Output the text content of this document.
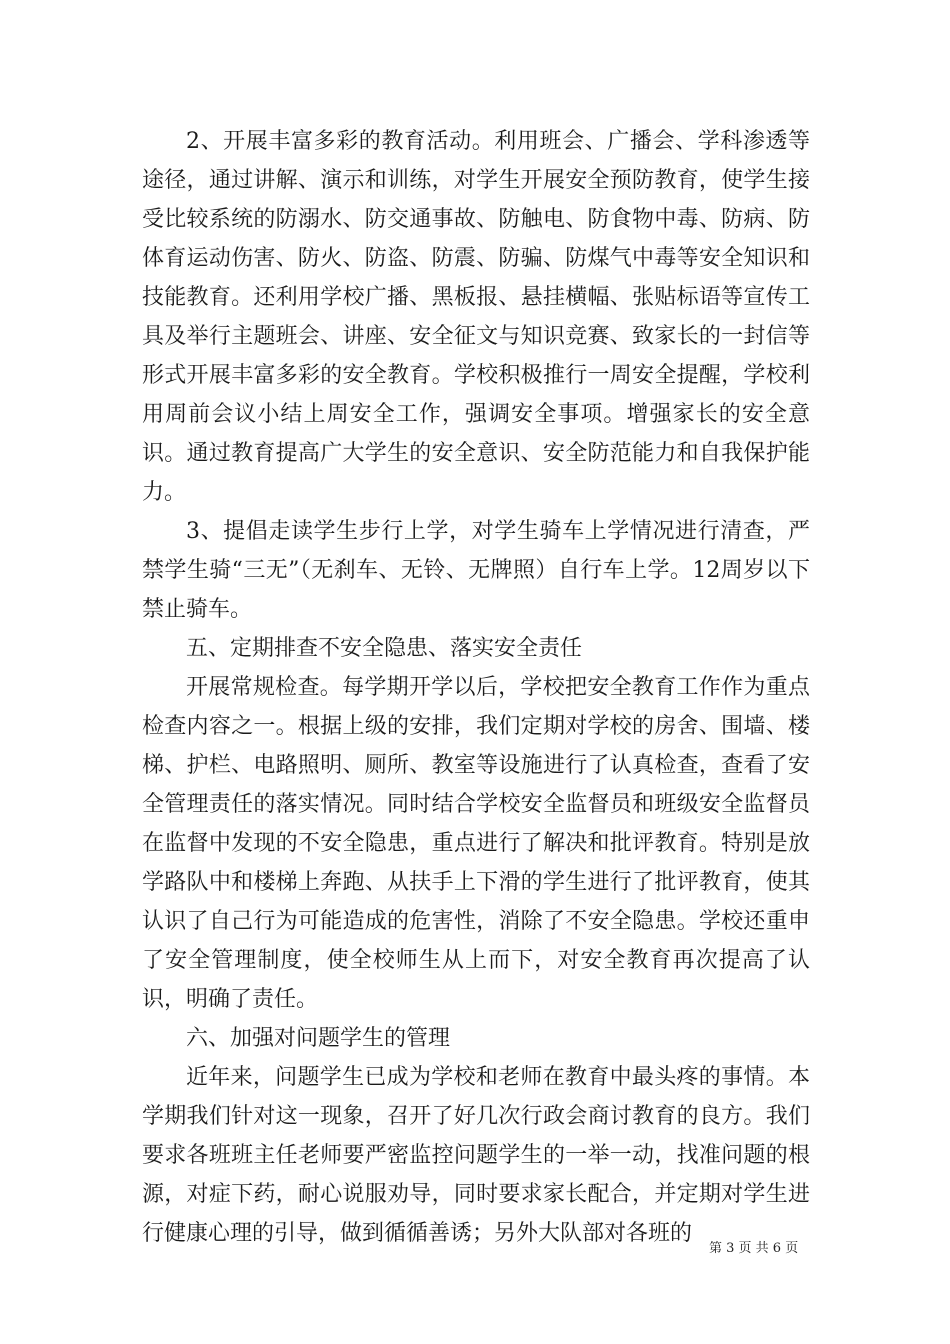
2、开展丰富多彩的教育活动。利用班会、广播会、学科渗透等途径，通过讲解、演示和训练，对学生开展安全预防教育，使学生接受比较系统的防溺水、防交通事故、防触电、防食物中毒、防病、防体育运动伤害、防火、防盗、防震、防骗、防煤气中毒等安全知识和技能教育。还利用学校广播、黑板报、悬挂横幅、张贴标语等宣传工具及举行主题班会、讲座、安全征文与知识竞赛、致家长的一封信等形式开展丰富多彩的安全教育。学校积极推行一周安全提醒，学校利用周前会议小结上周安全工作，强调安全事项。增强家长的安全意识。通过教育提高广大学生的安全意识、安全防范能力和自我保护能力。

3、提倡走读学生步行上学，对学生骑车上学情况进行清查，严禁学生骑“三无”（无刹车、无铃、无牌照）自行车上学。12周岁以下禁止骑车。

五、定期排查不安全隐患、落实安全责任

开展常规检查。每学期开学以后，学校把安全教育工作作为重点检查内容之一。根据上级的安排，我们定期对学校的房舍、围墙、楼梯、护栏、电路照明、厕所、教室等设施进行了认真检查，查看了安全管理责任的落实情况。同时结合学校安全监督员和班级安全监督员在监督中发现的不安全隐患，重点进行了解决和批评教育。特别是放学路队中和楼梯上奔跑、从扶手上下滑的学生进行了批评教育，使其认识了自己行为可能造成的危害性，消除了不安全隐患。学校还重申了安全管理制度，使全校师生从上而下，对安全教育再次提高了认识，明确了责任。

六、加强对问题学生的管理

近年来，问题学生已成为学校和老师在教育中最头疼的事情。本学期我们针对这一现象，召开了好几次行政会商讨教育的良方。我们要求各班班主任老师要严密监控问题学生的一举一动，找准问题的根源，对症下药，耐心说服劝导，同时要求家长配合，并定期对学生进行健康心理的引导，做到循循善诱；另外大队部对各班的

第 3 页 共 6 页
